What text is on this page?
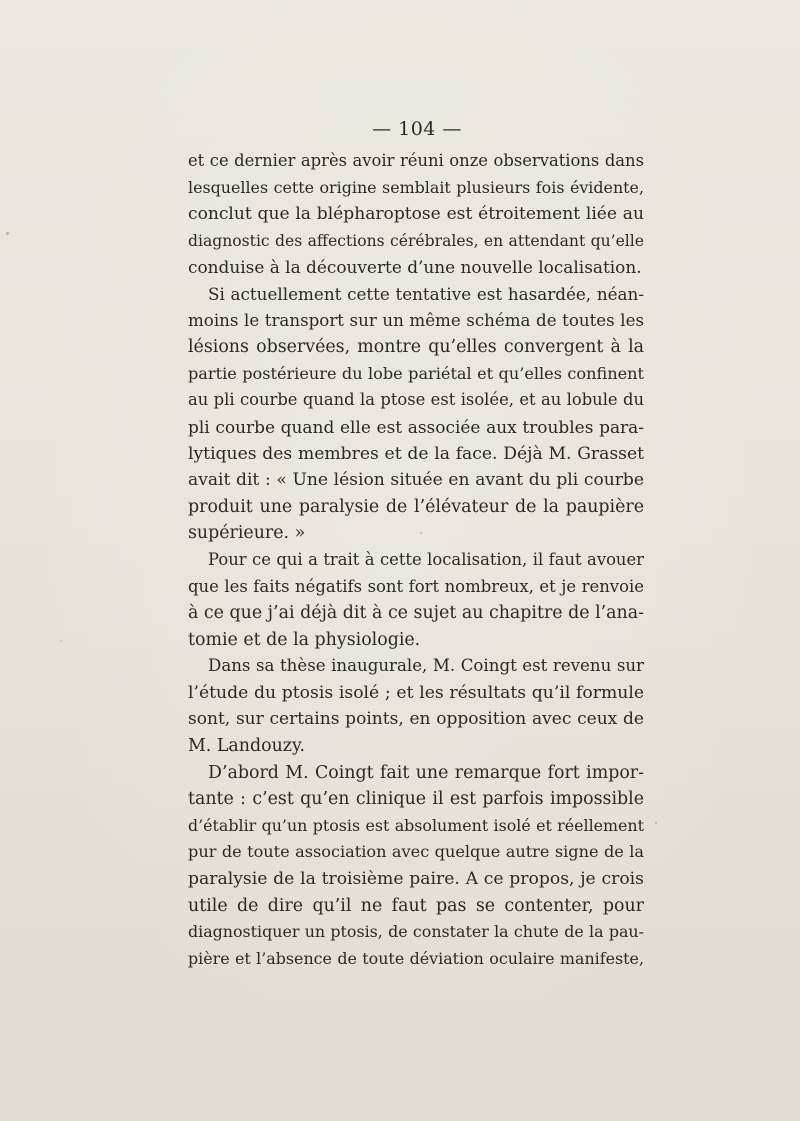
— 104 —
et ce dernier après avoir réuni onze observations dans
lesquelles cette origine semblait plusieurs fois évidente,
conclut que la blépharoptose est étroitement liée au
diagnostic des affections cérébrales, en attendant qu’elle
conduise à la découverte d’une nouvelle localisation.
Si actuellement cette tentative est hasardée, néan-
moins le transport sur un même schéma de toutes les
lésions observées, montre qu’elles convergent à la
partie postérieure du lobe pariétal et qu’elles confinent
au pli courbe quand la ptose est isolée, et au lobule du
pli courbe quand elle est associée aux troubles para-
lytiques des membres et de la face. Déjà M. Grasset
avait dit : « Une lésion située en avant du pli courbe
produit une paralysie de l’élévateur de la paupière
supérieure. »
Pour ce qui a trait à cette localisation, il faut avouer
que les faits négatifs sont fort nombreux, et je renvoie
à ce que j’ai déjà dit à ce sujet au chapitre de l’ana-
tomie et de la physiologie.
Dans sa thèse inaugurale, M. Coingt est revenu sur
l’étude du ptosis isolé ; et les résultats qu’il formule
sont, sur certains points, en opposition avec ceux de
M. Landouzy.
D’abord M. Coingt fait une remarque fort impor-
tante : c’est qu’en clinique il est parfois impossible
d’établir qu’un ptosis est absolument isolé et réellement
pur de toute association avec quelque autre signe de la
paralysie de la troisième paire. A ce propos, je crois
utile de dire qu’il ne faut pas se contenter, pour
diagnostiquer un ptosis, de constater la chute de la pau-
pière et l’absence de toute déviation oculaire manifeste,
